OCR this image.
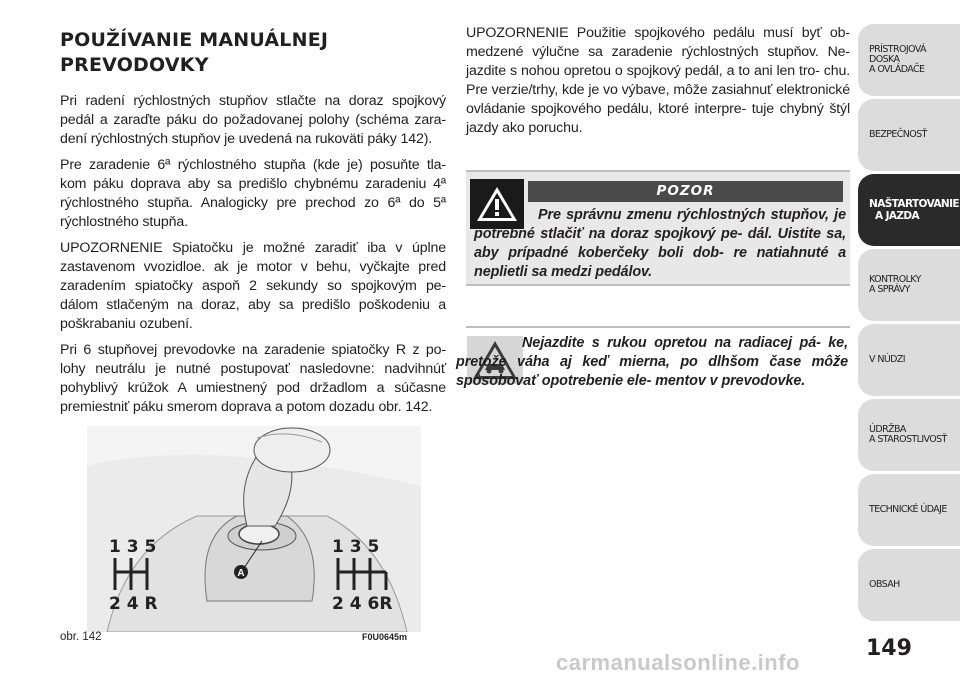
POUŽÍVANIE MANUÁLNEJ
PREVODOVKY

Pri radení rýchlostných stupňov stlačte na doraz spojkový pedál a zaraďte páku do požadovanej polohy (schéma zara- dení rýchlostných stupňov je uvedená na rukoväti páky 142).

Pre zaradenie 6ª rýchlostného stupňa (kde je) posuňte tla- kom páku doprava aby sa predišlo chybnému zaradeniu 4ª rýchlostného stupňa. Analogicky pre prechod zo 6ª do 5ª rýchlostného stupňa.

UPOZORNENIE Spiatočku je možné zaradiť iba v úplne zastavenom vvozidloe. ak je motor v behu, vyčkajte pred zaradením spiatočky aspoň 2 sekundy so spojkovým pe- dálom stlačeným na doraz, aby sa predišlo poškodeniu a poškrabaniu ozubení.

Pri 6 stupňovej prevodovke na zaradenie spiatočky R z po- lohy neutrálu je nutné postupovať nasledovne: nadvihnúť pohyblivý krúžok A umiestnený pod držadlom a súčasne premiestniť páku smerom doprava a potom dozadu obr. 142.

UPOZORNENIE Použitie spojkového pedálu musí byť ob- medzené výlučne sa zaradenie rýchlostných stupňov. Ne- jazdite s nohou opretou o spojkový pedál, a to ani len tro- chu. Pre verzie/trhy, kde je vo výbave, môže zasiahnuť elektronické ovládanie spojkového pedálu, ktoré interpre- tuje chybný štýl jazdy ako poruchu.

POZOR

Pre správnu zmenu rýchlostných stupňov, je potrebné stlačiť na doraz spojkový pe- dál. Uistite sa, aby prípadné koberčeky boli dob- re natiahnuté a neplietli sa medzi pedálov.

Nejazdite s rukou opretou na radiacej pá- ke, pretože váha aj keď mierna, po dlhšom čase môže spôsobovať opotrebenie ele- mentov v prevodovke.

A
1 3 5
2 4 R
1 3 5
2 4 6R
obr. 142	F0U0645m	149
PRÍSTROJOVÁ
DOSKA
A OVLÁDAČE
BEZPEČNOSŤ
NAŠTARTOVANIE
A JAZDA
KONTROLKY
A SPRÁVY
V NÚDZI
ÚDRŽBA
A STAROSTLIVOSŤ
TECHNICKÉ ÚDAJE
OBSAH
carmanualsonline.info
